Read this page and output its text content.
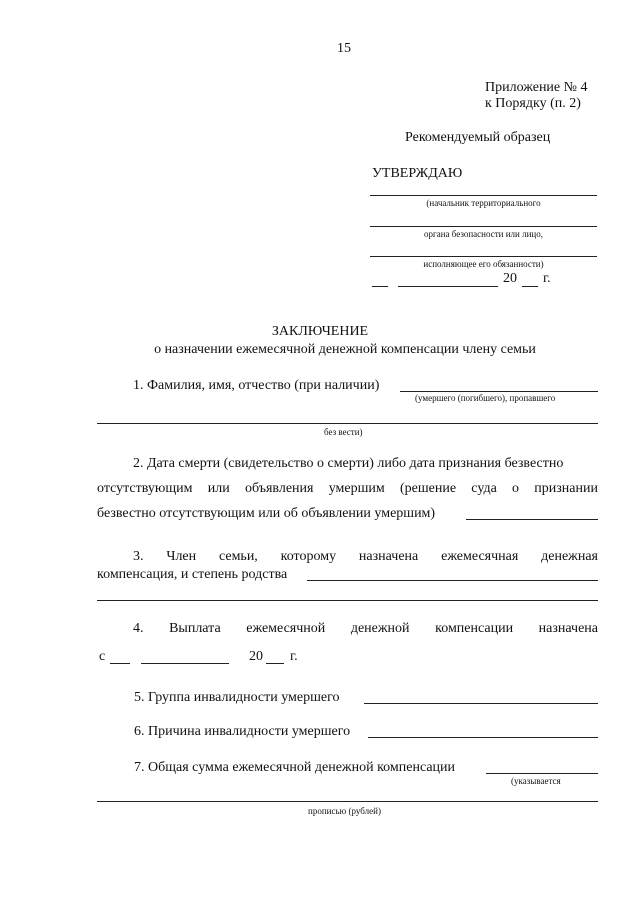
15
Приложение № 4
к Порядку (п. 2)
Рекомендуемый образец
УТВЕРЖДАЮ
(начальник территориального
органа безопасности или лицо,
исполняющее его обязанности)
20 г.
ЗАКЛЮЧЕНИЕ
о назначении ежемесячной денежной компенсации члену семьи
1. Фамилия, имя, отчество (при наличии)
(умершего (погибшего), пропавшего
без вести)
2. Дата смерти (свидетельство о смерти) либо дата признания безвестно
отсутствующим или объявления умершим (решение суда о признании
безвестно отсутствующим или об объявлении умершим)
3. Член семьи, которому назначена ежемесячная денежная
компенсация, и степень родства
4. Выплата ежемесячной денежной компенсации назначена
с	20 г.
5. Группа инвалидности умершего
6. Причина инвалидности умершего
7. Общая сумма ежемесячной денежной компенсации
(указывается
прописью (рублей)
